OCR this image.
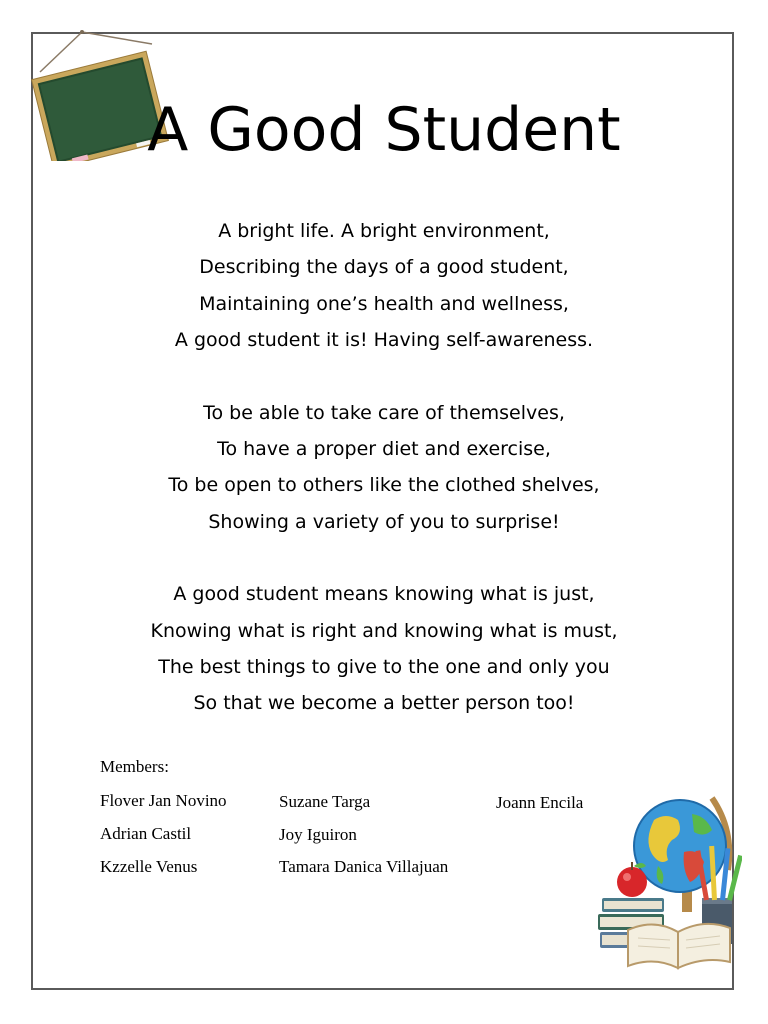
A Good Student
A bright life. A bright environment,
Describing the days of a good student,
Maintaining one’s health and wellness,
A good student it is! Having self-awareness.
To be able to take care of themselves,
To have a proper diet and exercise,
To be open to others like the clothed shelves,
Showing a variety of you to surprise!
A good student means knowing what is just,
Knowing what is right and knowing what is must,
The best things to give to the one and only you
So that we become a better person too!
Members:
Flover Jan Novino	Suzane Targa	Joann Encila
Adrian Castil	Joy Iguiron
Kzzelle Venus	Tamara Danica Villajuan
